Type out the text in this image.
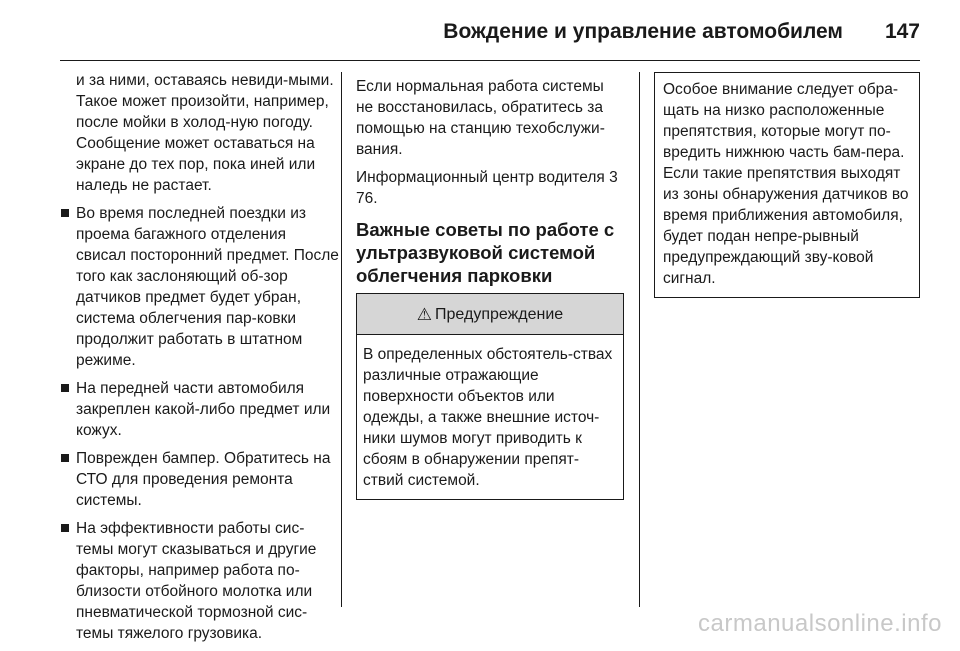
Вождение и управление автомобилем 147

и за ними, оставаясь невиди-мыми. Такое может произойти, например, после мойки в холод-ную погоду. Сообщение может оставаться на экране до тех пор, пока иней или наледь не растает.

Во время последней поездки из проема багажного отделения свисал посторонний предмет. После того как заслоняющий об-зор датчиков предмет будет убран, система облегчения пар-ковки продолжит работать в штатном режиме.
На передней части автомобиля закреплен какой-либо предмет или кожух.
Поврежден бампер. Обратитесь на СТО для проведения ремонта системы.
На эффективности работы сис-темы могут сказываться и другие факторы, например работа по-близости отбойного молотка или пневматической тормозной сис-темы тяжелого грузовика.

Если нормальная работа системы не восстановилась, обратитесь за помощью на станцию техобслужи-вания.

Информационный центр водителя 3 76.

Важные советы по работе с ультразвуковой системой облегчения парковки
⚠ Предупреждение
В определенных обстоятель-ствах различные отражающие поверхности объектов или одежды, а также внешние источ-ники шумов могут приводить к сбоям в обнаружении препят-ствий системой.
Особое внимание следует обра-щать на низко расположенные препятствия, которые могут по-вредить нижнюю часть бам-пера. Если такие препятствия выходят из зоны обнаружения датчиков во время приближения автомобиля, будет подан непре-рывный предупреждающий зву-ковой сигнал.
carmanualsonline.info
